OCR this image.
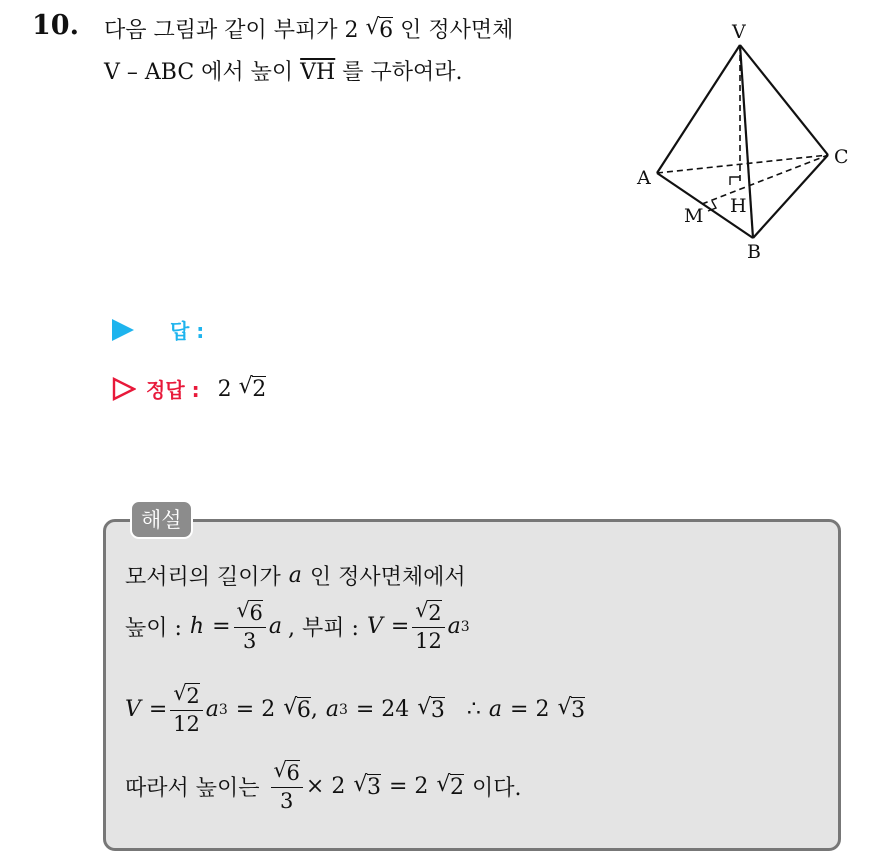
10. 다음 그림과 같이 부피가 2 √ 6 인 정사면체
V – ABC 에서 높이 $\overline{VH}$ 를 구하여라.
V
A
B
C
H
M
답 :
정답 : 2 √ 2
해설
모서리의 길이가 a 인 정사면체에서
높이 : h = √ $\frac{6}{3}$ a , 부피 : V = √ $\frac{2}{12}$ a 3
V = √ $\frac{2}{12}$ a 3 = 2 √ 6 , a 3 = 24 √ 3 ∴ a = 2 √ 3
따라서 높이는 √ $\frac{6}{3} \times 2$ √ 3 = 2 √ 2 이다.
